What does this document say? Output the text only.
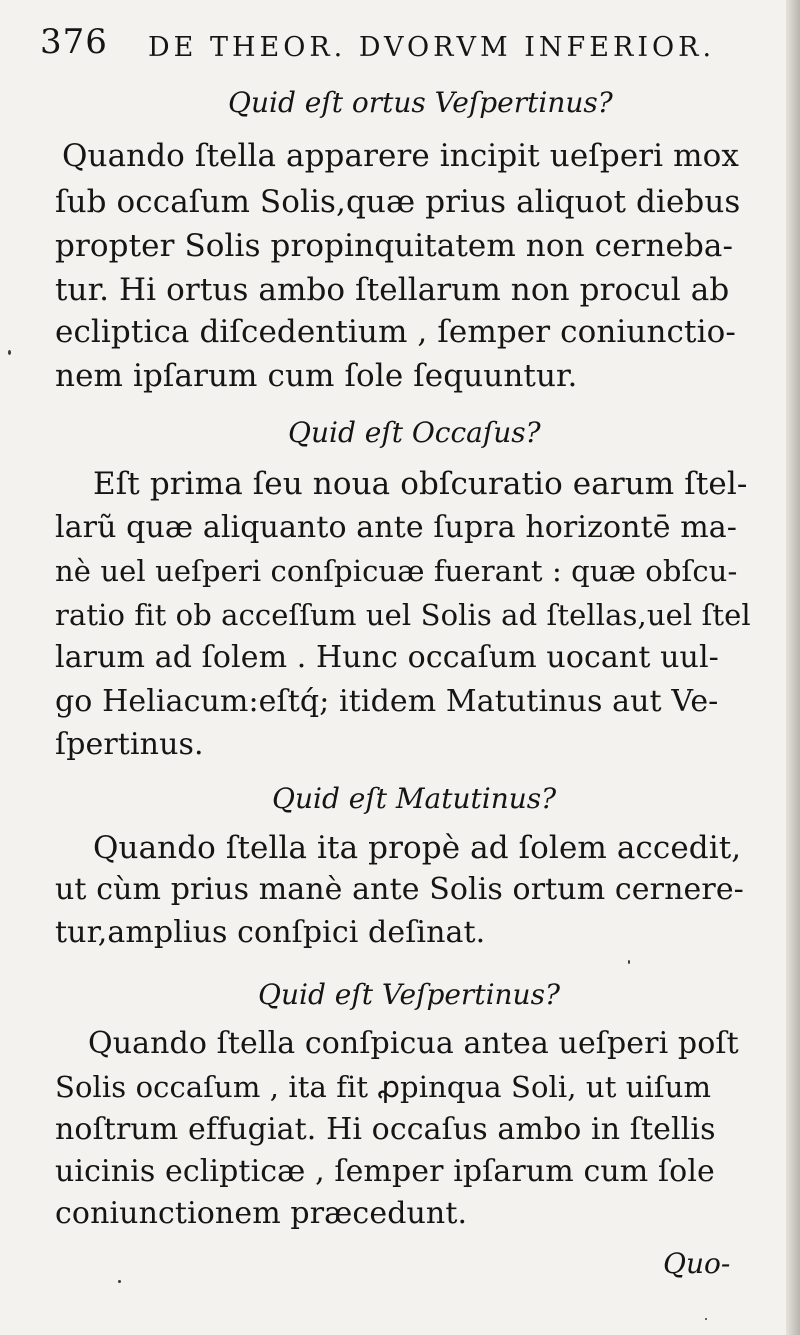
376 DE THEOR. DVORVM INFERIOR.
Quid eſt ortus Veſpertinus?
Quando ſtella apparere incipit ueſperi mox
ſub occaſum Solis,quæ prius aliquot diebus
propter Solis propinquitatem non cerneba-
tur. Hi ortus ambo ſtellarum non procul ab
ecliptica diſcedentium , ſemper coniunctio-
nem ipſarum cum ſole ſequuntur.
Quid eſt Occaſus?
Eſt prima ſeu noua obſcuratio earum ſtel-
larũ quæ aliquanto ante ſupra horizontē ma-
nè uel ueſperi conſpicuæ fuerant : quæ obſcu-
ratio fit ob acceſſum uel Solis ad ſtellas,uel ſtel
larum ad ſolem . Hunc occaſum uocant uul-
go Heliacum:eſtq́; itidem Matutinus aut Ve-
ſpertinus.
Quid eſt Matutinus?
Quando ſtella ita propè ad ſolem accedit,
ut cùm prius manè ante Solis ortum cernere-
tur,amplius conſpici deſinat.
Quid eſt Veſpertinus?
Quando ſtella conſpicua antea ueſperi poſt
Solis occaſum , ita fit ꝓpinqua Soli, ut uiſum
noſtrum effugiat. Hi occaſus ambo in ſtellis
uicinis eclipticæ , ſemper ipſarum cum ſole
coniunctionem præcedunt.
Quo-
